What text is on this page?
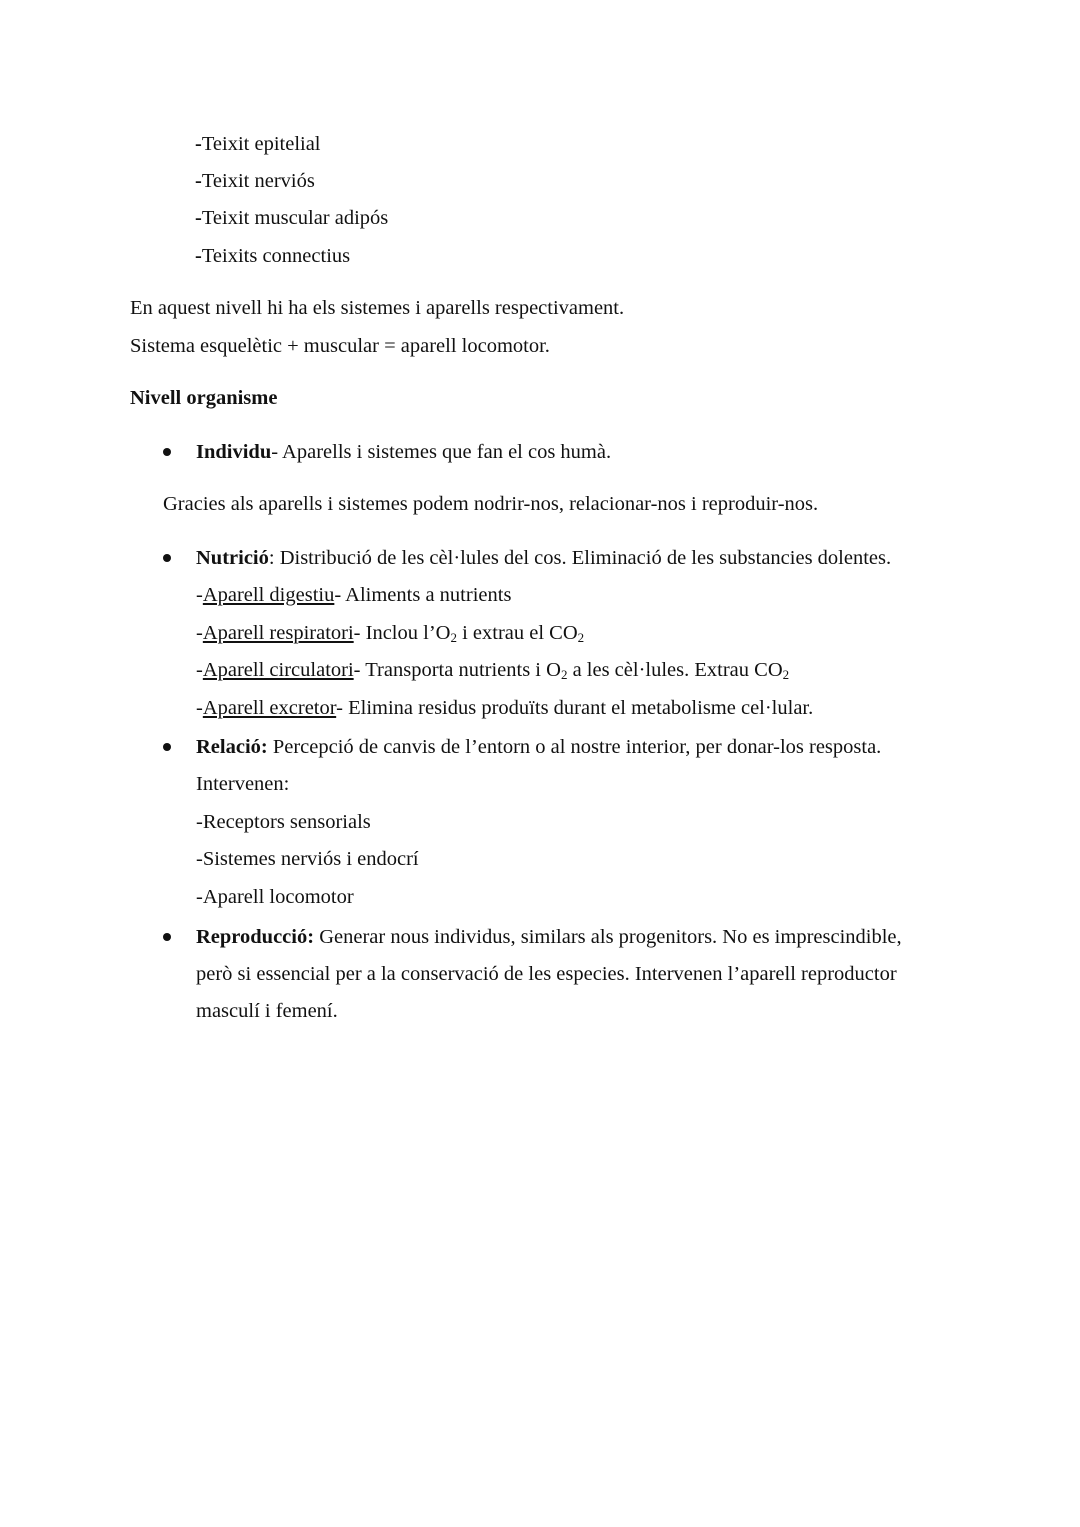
-Teixit epitelial
-Teixit nerviós
-Teixit muscular adipós
-Teixits connectius
En aquest nivell hi ha els sistemes i aparells respectivament.
Sistema esquelètic + muscular = aparell locomotor.
Nivell organisme
Individu- Aparells i sistemes que fan el cos humà.
Gracies als aparells i sistemes podem nodrir-nos, relacionar-nos i reproduir-nos.
Nutrició: Distribució de les cèl·lules del cos. Eliminació de les substancies dolentes.
-Aparell digestiu- Aliments a nutrients
-Aparell respiratori- Inclou $l’O_2$ i extrau el $CO_2$
-Aparell circulatori- Transporta nutrients i $O_2$ a les cèl·lules. Extrau $CO_2$
-Aparell excretor- Elimina residus produïts durant el metabolisme cel·lular.
Relació: Percepció de canvis de l’entorn o al nostre interior, per donar-los resposta.
Intervenen:
-Receptors sensorials
-Sistemes nerviós i endocrí
-Aparell locomotor
Reproducció: Generar nous individus, similars als progenitors. No es imprescindible,
però si essencial per a la conservació de les especies. Intervenen l’aparell reproductor
masculí i femení.
